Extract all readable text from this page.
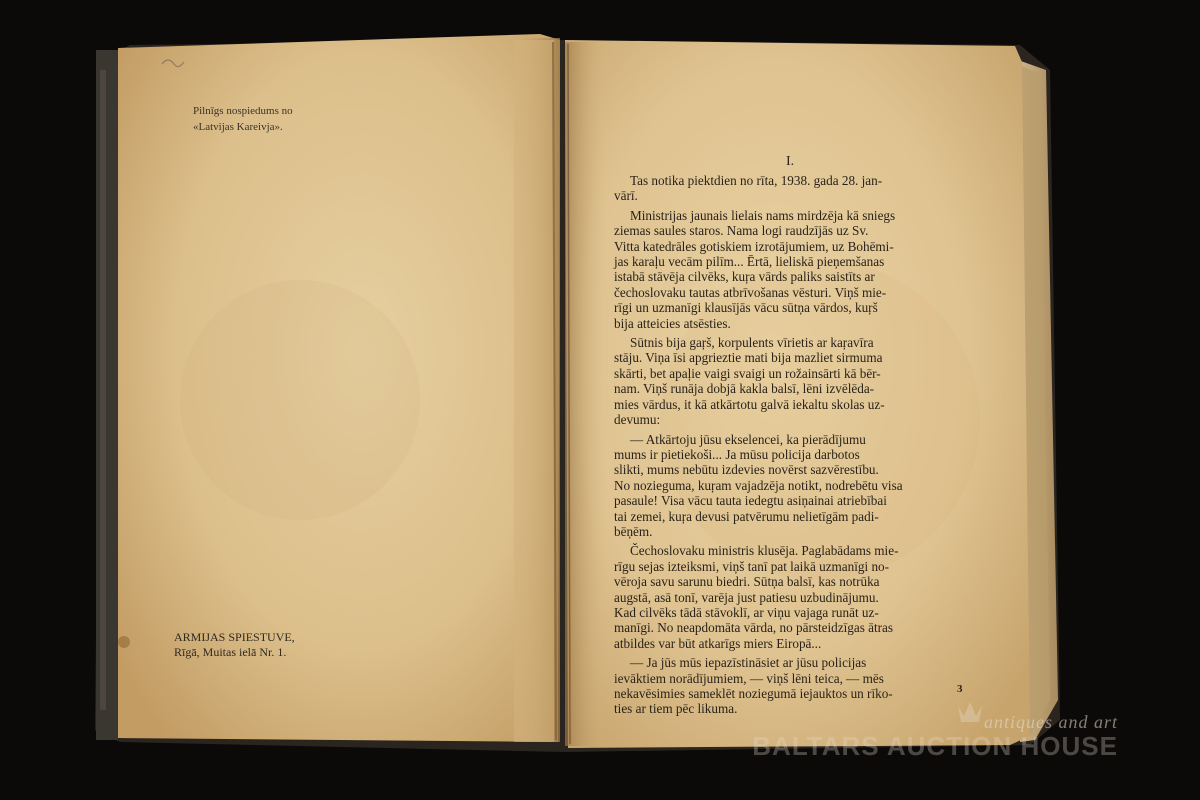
Pilnīgs nospiedums no
«Latvijas Kareivja».
ARMIJAS SPIESTUVE,
Rīgā, Muitas ielā Nr. 1.
I.

Tas notika piektdien no rīta, 1938. gada 28. jan-
vārī.

Ministrijas jaunais lielais nams mirdzēja kā sniegs
ziemas saules staros. Nama logi raudzījās uz Sv.
Vitta katedrāles gotiskiem izrotājumiem, uz Bohēmi-
jas karaļu vecām pilīm... Ērtā, lieliskā pieņemšanas
istabā stāvēja cilvēks, kuŗa vārds paliks saistīts ar
čechoslovaku tautas atbrīvošanas vēsturi. Viņš mie-
rīgi un uzmanīgi klausījās vācu sūtņa vārdos, kuŗš
bija atteicies atsēsties.

Sūtnis bija gaŗš, korpulents vīrietis ar kaŗavīra
stāju. Viņa īsi apgrieztie mati bija mazliet sirmuma
skārti, bet apaļie vaigi svaigi un rožainsārti kā bēr-
nam. Viņš runāja dobjā kakla balsī, lēni izvēlēda-
mies vārdus, it kā atkārtotu galvā iekaltu skolas uz-
devumu:

— Atkārtoju jūsu ekselencei, ka pierādījumu
mums ir pietiekoši... Ja mūsu policija darbotos
slikti, mums nebūtu izdevies novērst sazvērestību.
No nozieguma, kuŗam vajadzēja notikt, nodrebētu visa
pasaule! Visa vācu tauta iedegtu asiņainai atriebībai
tai zemei, kuŗa devusi patvērumu nelietīgām padi-
bēņēm.

Čechoslovaku ministris klusēja. Paglabādams mie-
rīgu sejas izteiksmi, viņš tanī pat laikā uzmanīgi no-
vēroja savu sarunu biedri. Sūtņa balsī, kas notrūka
augstā, asā tonī, varēja just patiesu uzbudinājumu.
Kad cilvēks tādā stāvoklī, ar viņu vajaga runāt uz-
manīgi. No neapdomāta vārda, no pārsteidzīgas ātras
atbildes var būt atkarīgs miers Eiropā...

— Ja jūs mūs iepazīstināsiet ar jūsu policijas
ievāktiem norādījumiem, — viņš lēni teica, — mēs
nekavēsimies sameklēt noziegumā iejauktos un rīko-
ties ar tiem pēc likuma.

3
antiques and art
BALTARS AUCTION HOUSE
